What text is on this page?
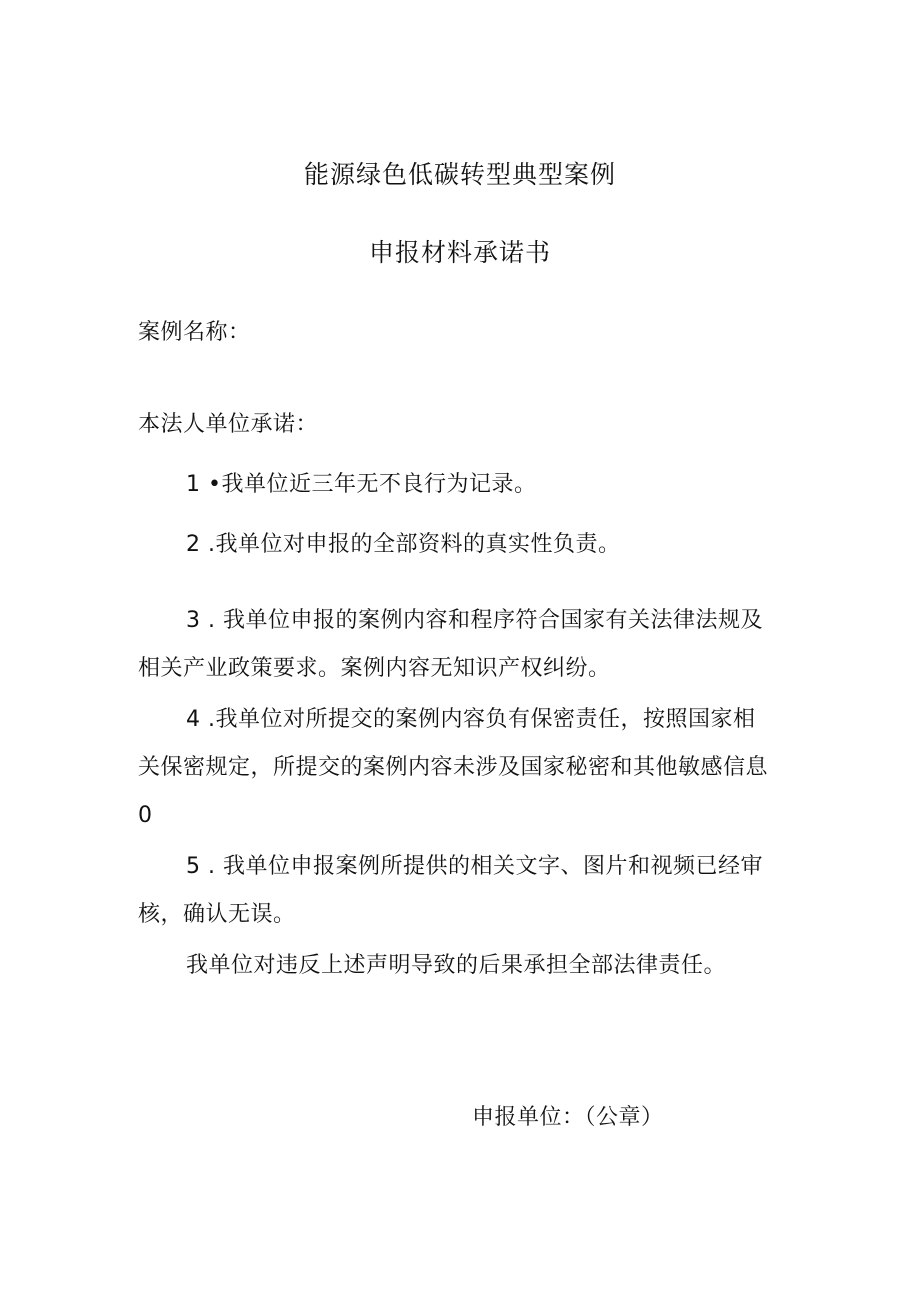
能源绿色低碳转型典型案例
申报材料承诺书
案例名称：
本法人单位承诺：
1 •我单位近三年无不良行为记录。
2 .我单位对申报的全部资料的真实性负责。
3 . 我单位申报的案例内容和程序符合国家有关法律法规及
相关产业政策要求。案例内容无知识产权纠纷。
4 .我单位对所提交的案例内容负有保密责任，按照国家相
关保密规定，所提交的案例内容未涉及国家秘密和其他敏感信息
0
5 . 我单位申报案例所提供的相关文字、图片和视频已经审
核，确认无误。
我单位对违反上述声明导致的后果承担全部法律责任。
申报单位：（公章）
